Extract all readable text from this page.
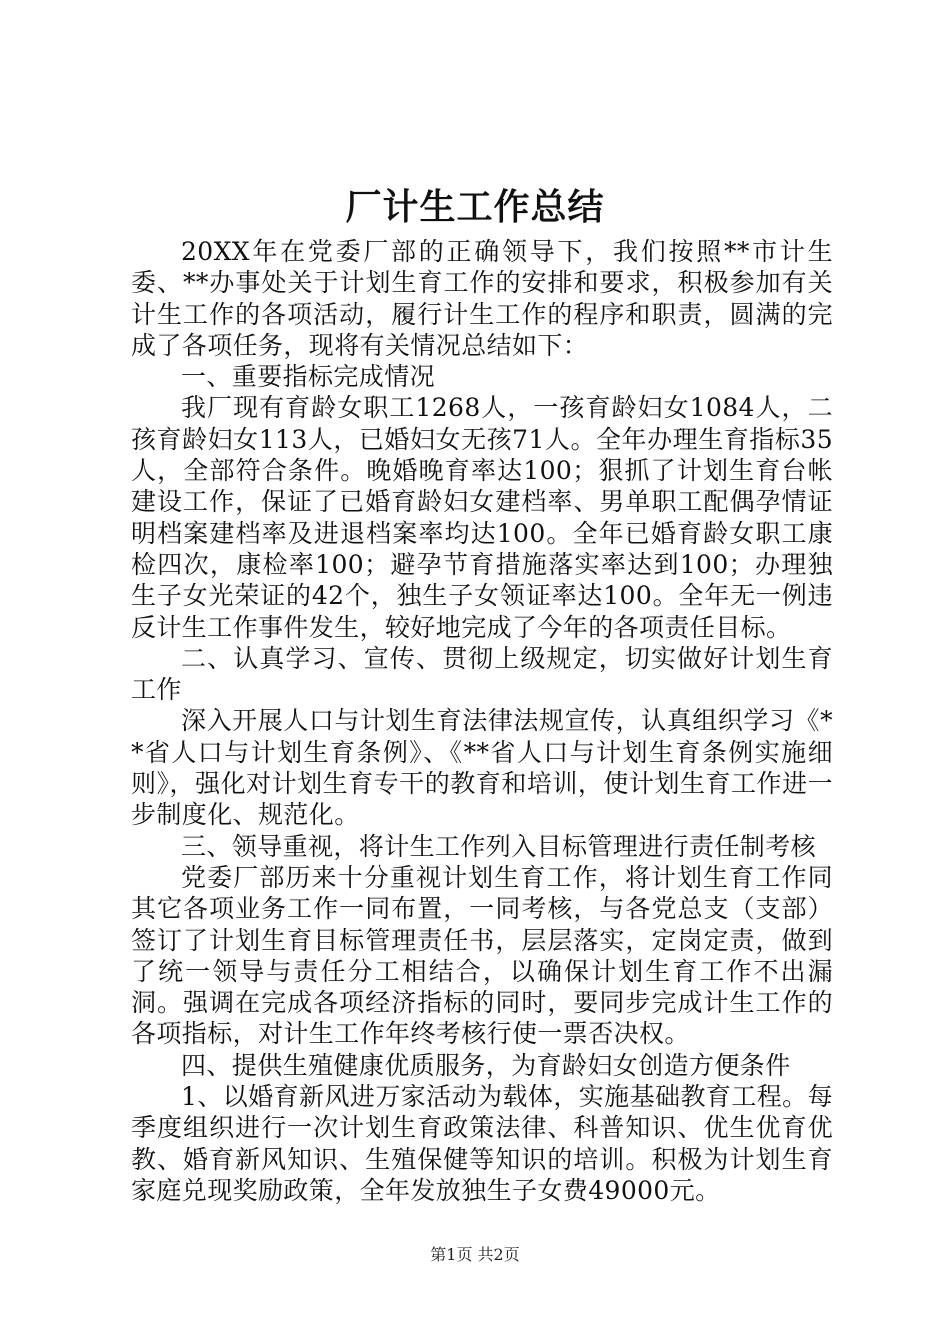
厂计生工作总结

20XX年在党委厂部的正确领导下，我们按照**市计生委、**办事处关于计划生育工作的安排和要求，积极参加有关计生工作的各项活动，履行计生工作的程序和职责，圆满的完成了各项任务，现将有关情况总结如下：

一、重要指标完成情况

我厂现有育龄女职工1268人，一孩育龄妇女1084人，二孩育龄妇女113人，已婚妇女无孩71人。全年办理生育指标35人，全部符合条件。晚婚晚育率达100；狠抓了计划生育台帐建设工作，保证了已婚育龄妇女建档率、男单职工配偶孕情证明档案建档率及进退档案率均达100。全年已婚育龄女职工康检四次，康检率100；避孕节育措施落实率达到100；办理独生子女光荣证的42个，独生子女领证率达100。全年无一例违反计生工作事件发生，较好地完成了今年的各项责任目标。

二、认真学习、宣传、贯彻上级规定，切实做好计划生育工作

深入开展人口与计划生育法律法规宣传，认真组织学习《**省人口与计划生育条例》、《**省人口与计划生育条例实施细则》，强化对计划生育专干的教育和培训，使计划生育工作进一步制度化、规范化。

三、领导重视，将计生工作列入目标管理进行责任制考核

党委厂部历来十分重视计划生育工作，将计划生育工作同其它各项业务工作一同布置，一同考核，与各党总支（支部）签订了计划生育目标管理责任书，层层落实，定岗定责，做到了统一领导与责任分工相结合，以确保计划生育工作不出漏洞。强调在完成各项经济指标的同时，要同步完成计生工作的各项指标，对计生工作年终考核行使一票否决权。

四、提供生殖健康优质服务，为育龄妇女创造方便条件

1、以婚育新风进万家活动为载体，实施基础教育工程。每季度组织进行一次计划生育政策法律、科普知识、优生优育优教、婚育新风知识、生殖保健等知识的培训。积极为计划生育家庭兑现奖励政策，全年发放独生子女费49000元。

第1页 共2页
